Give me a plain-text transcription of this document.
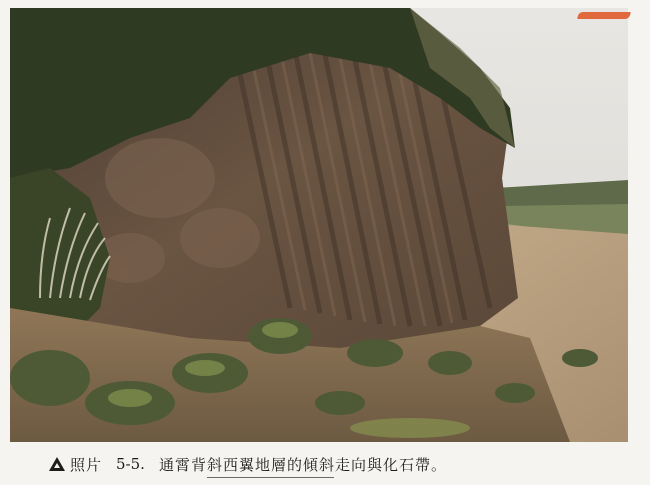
照片 5-5. 通霄背斜西翼地層的傾斜走向與化石帶。
